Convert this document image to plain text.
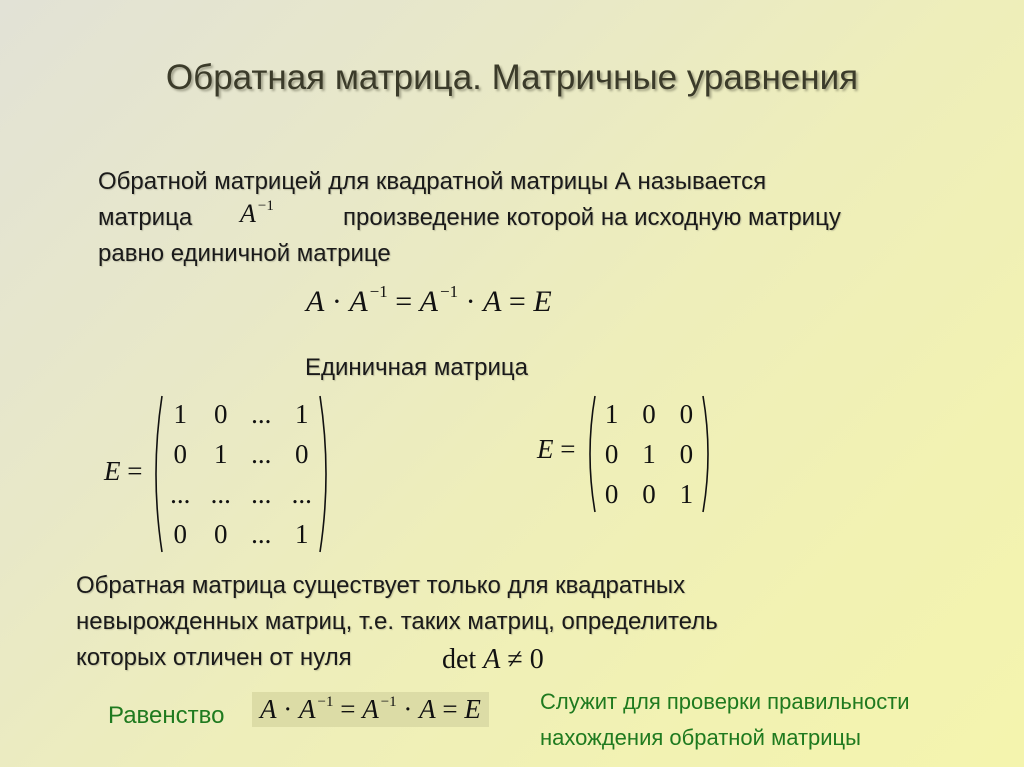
Обратная матрица. Матричные уравнения
Обратной матрицей для квадратной матрицы А называется
матрица A $^{-1}$	произведение которой на исходную матрицу
равно единичной матрице
A · A $^{-1}$ = A $^{-1}$ · A = E
Единичная матрица
E =
1	0	...	1
0	1	...	0
...	...	...	...
0	0	...	1
E =
1	0	0
0	1	0
0	0	1
Обратная матрица существует только для квадратных
невырожденных матриц, т.е. таких матриц, определитель
которых отличен от нуля	det A ≠ 0
Равенство A · A $^{-1}$ = A $^{-1}$ · A = E	Служит для проверки правильности
нахождения обратной матрицы
